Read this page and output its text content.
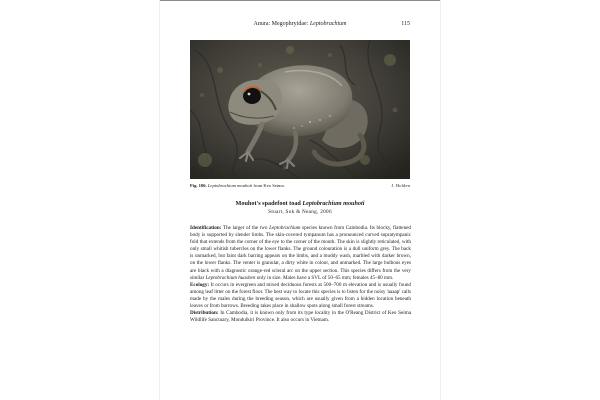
Anura: Megophryidae: Leptobrachium	115
Fig. 106. Leptobrachium mouhoti from Keo Seima.	J. Holden
Mouhot's spadefoot toad Leptobrachium mouhoti
Stuart, Sok & Neang, 2006

Identification: The larger of the two Leptobrachium species known from Cambodia. Its blocky, flattened body is supported by slender limbs. The skin-covered tympanum has a pronounced curved supratympanic fold that extends from the corner of the eye to the corner of the mouth. The skin is slightly reticulated, with only small whitish tubercles on the lower flanks. The ground colouration is a dull uniform grey. The back is unmarked, but faint dark barring appears on the limbs, and a muddy wash, marbled with darker brown, on the lower flanks. The venter is granular, a dirty white in colour, and unmarked. The large bulbous eyes are black with a diagnostic orange-red scleral arc on the upper section. This species differs from the very similar Leptobrachium huashen only in size. Males have a SVL of 50–65 mm; females 45–80 mm.

Ecology: It occurs in evergreen and mixed deciduous forests at 500–700 m elevation and is usually found among leaf litter on the forest floor. The best way to locate this species is to listen for the noisy 'aaaap' calls made by the males during the breeding season, which are usually given from a hidden location beneath leaves or from burrows. Breeding takes place in shallow spots along small forest streams.

Distribution: In Cambodia, it is known only from its type locality in the O'Reang District of Keo Seima Wildlife Sanctuary, Mondulkiri Province. It also occurs in Vietnam.
